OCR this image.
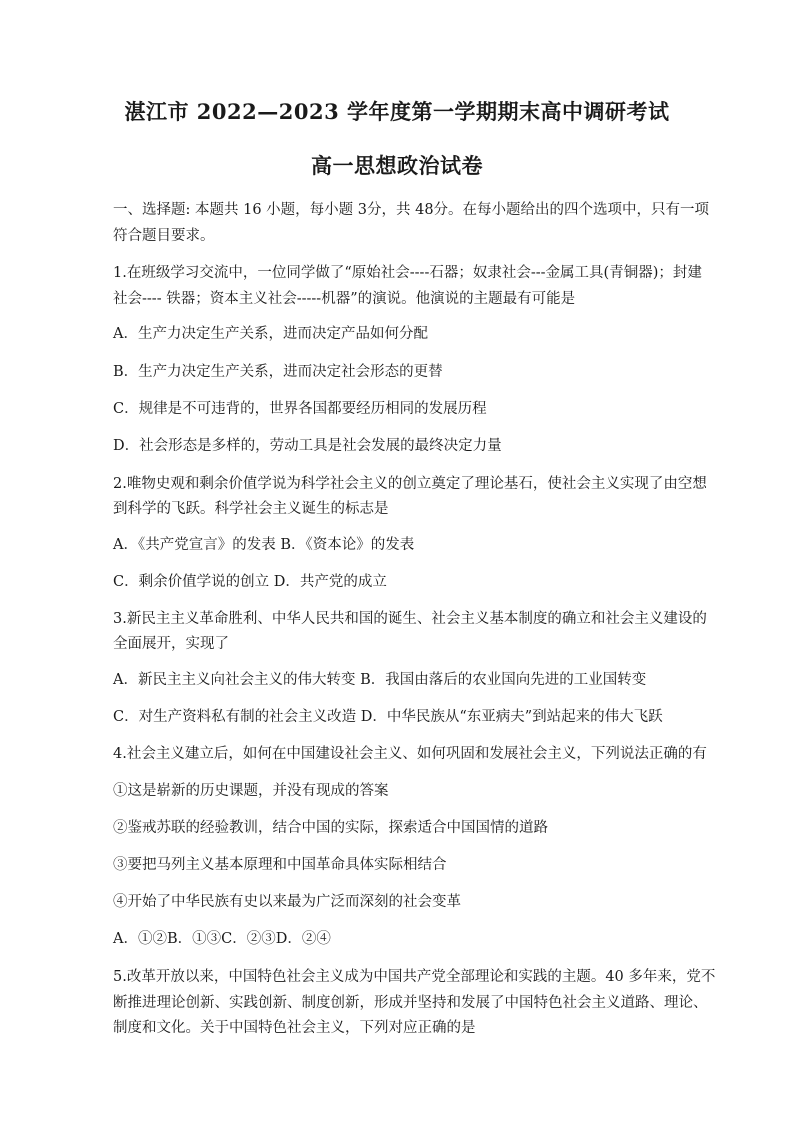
湛江市 2022—2023 学年度第一学期期末高中调研考试
高一思想政治试卷
一、选择题: 本题共 16 小题，每小题 3分，共 48分。在每小题给出的四个选项中，只有一项
符合题目要求。
1.在班级学习交流中，一位同学做了“原始社会----石器；奴隶社会---金属工具(青铜器)；封建
社会---- 铁器；资本主义社会-----机器”的演说。他演说的主题最有可能是
A．生产力决定生产关系，进而决定产品如何分配
B．生产力决定生产关系，进而决定社会形态的更替
C．规律是不可违背的，世界各国都要经历相同的发展历程
D．社会形态是多样的，劳动工具是社会发展的最终决定力量
2.唯物史观和剩余价值学说为科学社会主义的创立奠定了理论基石，使社会主义实现了由空想
到科学的飞跃。科学社会主义诞生的标志是
A．《共产党宣言》的发表 B．《资本论》的发表
C．剩余价值学说的创立 D．共产党的成立
3.新民主主义革命胜利、中华人民共和国的诞生、社会主义基本制度的确立和社会主义建设的
全面展开，实现了
A．新民主主义向社会主义的伟大转变 B．我国由落后的农业国向先进的工业国转变
C．对生产资料私有制的社会主义改造 D．中华民族从“东亚病夫”到站起来的伟大飞跃
4.社会主义建立后，如何在中国建设社会主义、如何巩固和发展社会主义，下列说法正确的有
①这是崭新的历史课题，并没有现成的答案
②鉴戒苏联的经验教训，结合中国的实际，探索适合中国国情的道路
③要把马列主义基本原理和中国革命具体实际相结合
④开始了中华民族有史以来最为广泛而深刻的社会变革
A．①②B．①③C．②③D．②④
5.改革开放以来，中国特色社会主义成为中国共产党全部理论和实践的主题。40 多年来，党不
断推进理论创新、实践创新、制度创新，形成并坚持和发展了中国特色社会主义道路、理论、
制度和文化。关于中国特色社会主义，下列对应正确的是
